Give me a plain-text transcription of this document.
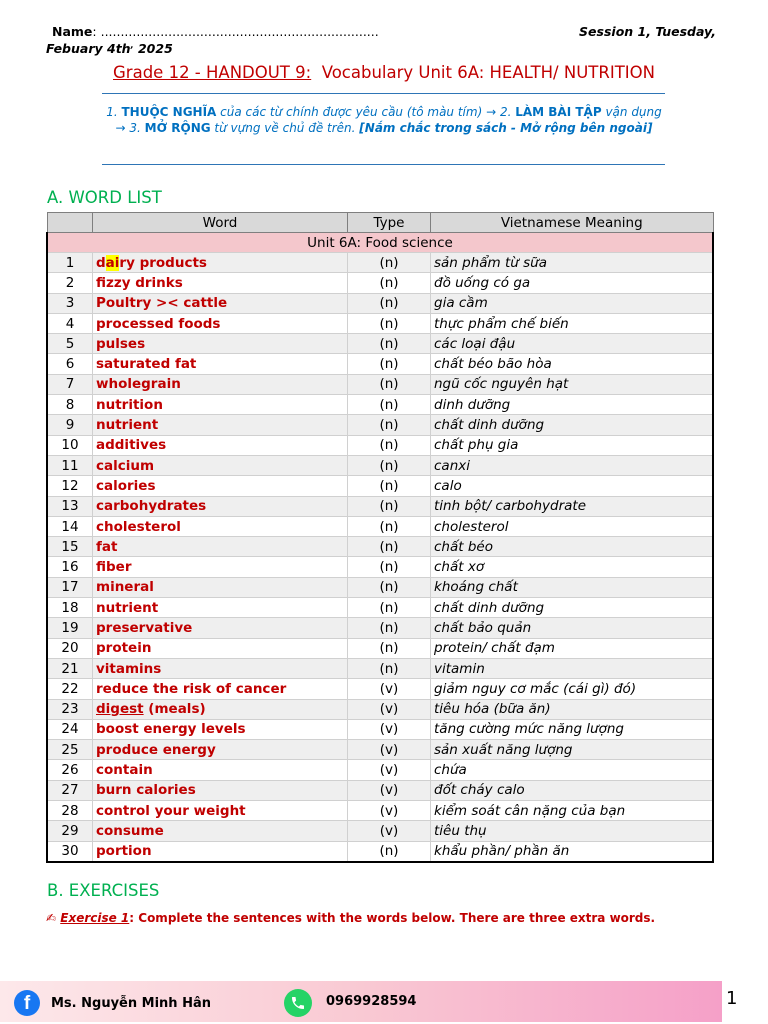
Name: ......................................................................	Session 1, Tuesday,
Febuary 4th, 2025
Grade 12 - HANDOUT 9:  Vocabulary Unit 6A: HEALTH/ NUTRITION
1. THUỘC NGHĨA của các từ chính được yêu cầu (tô màu tím) → 2. LÀM BÀI TẬP vận dụng → 3. MỞ RỘNG từ vựng về chủ đề trên. [Nắm chắc trong sách - Mở rộng bên ngoài]
A. WORD LIST
	Word	Type	Vietnamese Meaning
Unit 6A: Food science			
1	dairy products	(n)	sản phẩm từ sữa
2	fizzy drinks	(n)	đồ uống có ga
3	Poultry >< cattle	(n)	gia cầm
4	processed foods	(n)	thực phẩm chế biến
5	pulses	(n)	các loại đậu
6	saturated fat	(n)	chất béo bão hòa
7	wholegrain	(n)	ngũ cốc nguyên hạt
8	nutrition	(n)	dinh dưỡng
9	nutrient	(n)	chất dinh dưỡng
10	additives	(n)	chất phụ gia
11	calcium	(n)	canxi
12	calories	(n)	calo
13	carbohydrates	(n)	tinh bột/ carbohydrate
14	cholesterol	(n)	cholesterol
15	fat	(n)	chất béo
16	fiber	(n)	chất xơ
17	mineral	(n)	khoáng chất
18	nutrient	(n)	chất dinh dưỡng
19	preservative	(n)	chất bảo quản
20	protein	(n)	protein/ chất đạm
21	vitamins	(n)	vitamin
22	reduce the risk of cancer	(v)	giảm nguy cơ mắc (cái gì) đó)
23	digest (meals)	(v)	tiêu hóa (bữa ăn)
24	boost energy levels	(v)	tăng cường mức năng lượng
25	produce energy	(v)	sản xuất năng lượng
26	contain	(v)	chứa
27	burn calories	(v)	đốt cháy calo
28	control your weight	(v)	kiểm soát cân nặng của bạn
29	consume	(v)	tiêu thụ
30	portion	(n)	khẩu phần/ phần ăn
B. EXERCISES
✍ Exercise 1: Complete the sentences with the words below. There are three extra words.
f	Ms. Nguyễn Minh Hân	0969928594	1
